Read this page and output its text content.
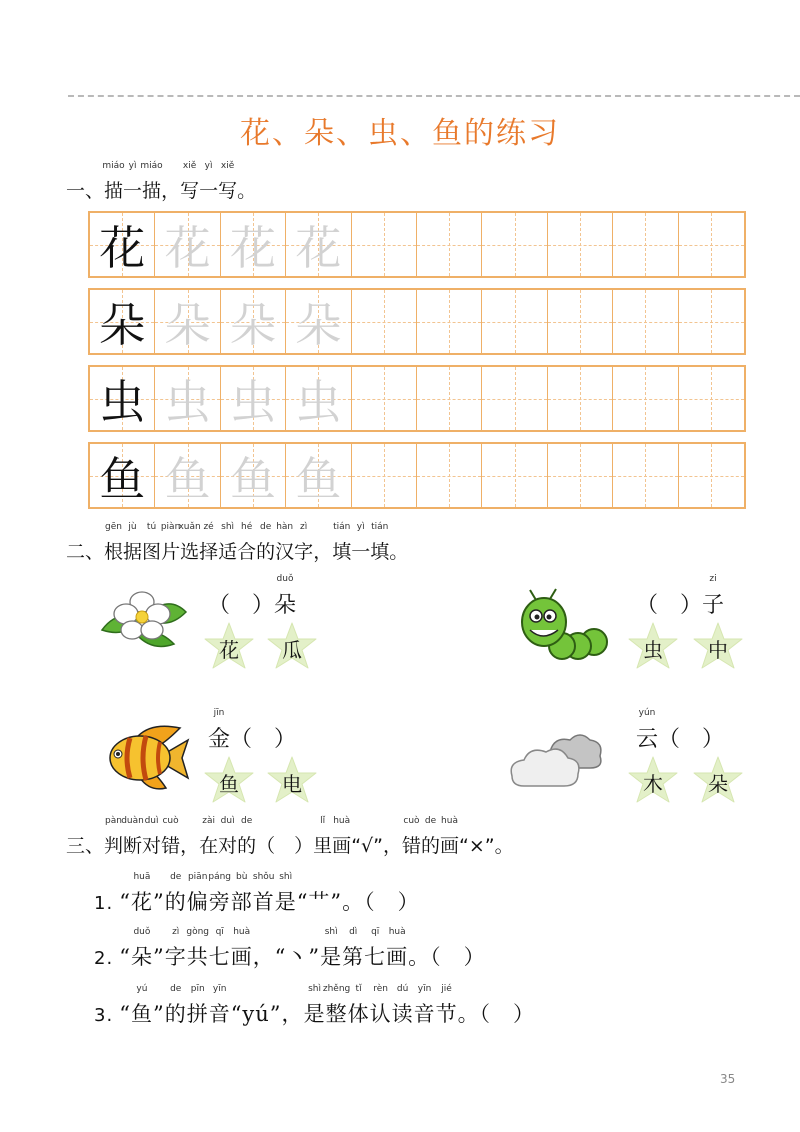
花、朵、虫、鱼的练习
一、描
miáo
一
yì
描
miáo
，写
xiě
一
yì
写
xiě
。
花 花 花 花
朵 朵 朵 朵
虫 虫 虫 虫
鱼 鱼 鱼 鱼
二、根
gēn
据
jù
图
tú
片
piàn
选
xuǎn
择
zé
适
shì
合
hé
的
de
汉
hàn
字
zì
，填
tián
一
yì
填
tián
。
（　）朵
duǒ
花	瓜
（　）子
zi
虫	中
金
jīn
（　）
鱼	电
云
yún
（　）
木	朵
三、判
pàn
断
duàn
对
duì
错
cuò
，在
zài
对
duì
的
de
（　）里
lǐ
画
huà
“√”，错
cuò
的
de
画
huà
“×”。
1. “花
huā
”的
de
偏
piān
旁
páng
部
bù
首
shǒu
是
shì
“艹”。（　）
2. “朵
duǒ
”字
zì
共
gòng
七
qī
画
huà
，“丶”是
shì
第
dì
七
qī
画
huà
。（　）
3. “鱼
yú
”的
de
拼
pīn
音
yīn
“yú”，是
shì
整
zhěng
体
tǐ
认
rèn
读
dú
音
yīn
节
jié
。（　）
35
